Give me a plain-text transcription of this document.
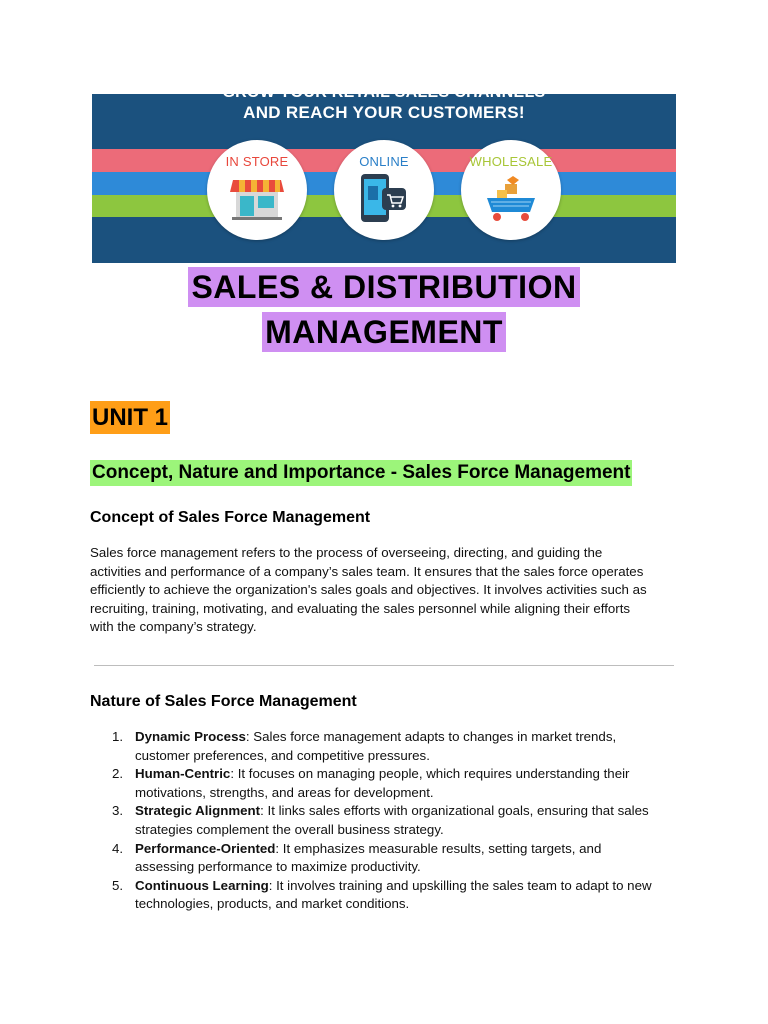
GROW YOUR RETAIL SALES CHANNELS
AND REACH YOUR CUSTOMERS!
IN STORE	ONLINE	WHOLESALE
SALES & DISTRIBUTION
MANAGEMENT
UNIT 1
Concept, Nature and Importance - Sales Force Management
Concept of Sales Force Management
Sales force management refers to the process of overseeing, directing, and guiding the
activities and performance of a company’s sales team. It ensures that the sales force operates
efficiently to achieve the organization's sales goals and objectives. It involves activities such as
recruiting, training, motivating, and evaluating the sales personnel while aligning their efforts
with the company’s strategy.
Nature of Sales Force Management
1. Dynamic Process: Sales force management adapts to changes in market trends,
customer preferences, and competitive pressures.
2. Human-Centric: It focuses on managing people, which requires understanding their
motivations, strengths, and areas for development.
3. Strategic Alignment: It links sales efforts with organizational goals, ensuring that sales
strategies complement the overall business strategy.
4. Performance-Oriented: It emphasizes measurable results, setting targets, and
assessing performance to maximize productivity.
5. Continuous Learning: It involves training and upskilling the sales team to adapt to new
technologies, products, and market conditions.
